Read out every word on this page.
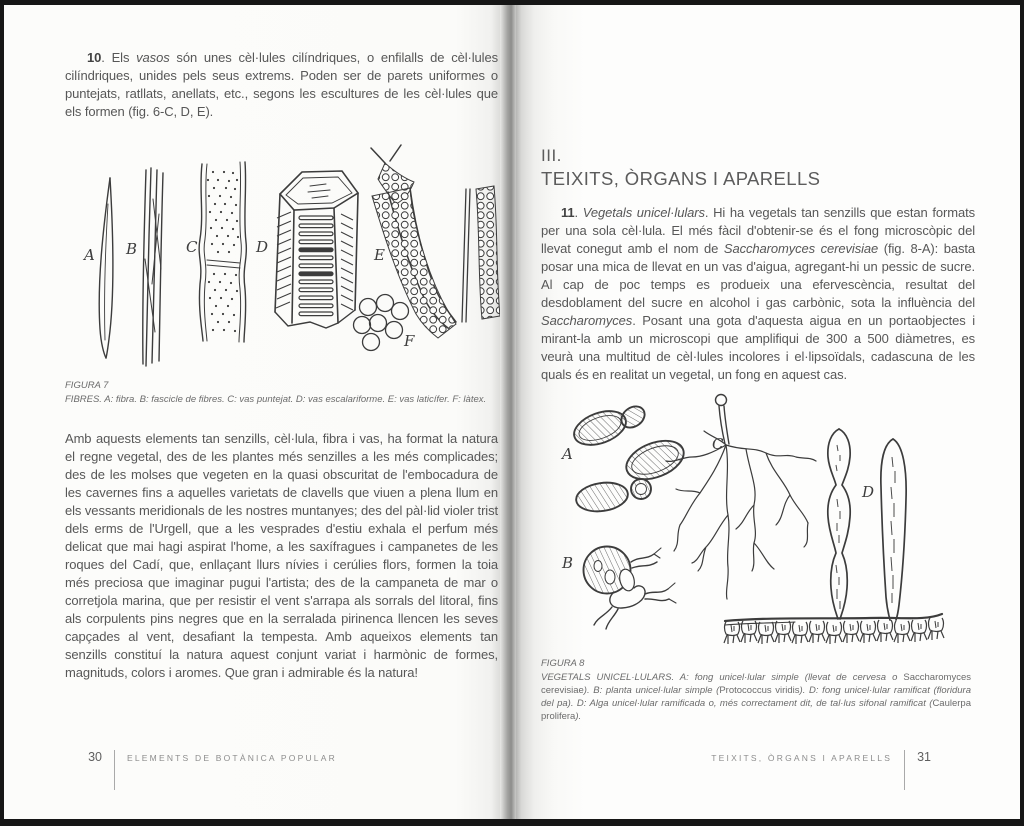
10. Els vasos són unes cèl·lules cilíndriques, o enfilalls de cèl·lules cilíndriques, unides pels seus extrems. Poden ser de parets uniformes o puntejats, ratllats, anellats, etc., segons les escultures de les cèl·lules que els formen (fig. 6-C, D, E).

A B	C	D	E
F
FIGURA 7
FIBRES. A: fibra. B: fascicle de fibres. C: vas puntejat. D: vas escalariforme. E: vas laticífer. F: làtex.

Amb aquests elements tan senzills, cèl·lula, fibra i vas, ha format la natura el regne vegetal, des de les plantes més senzilles a les més complicades; des de les molses que vegeten en la quasi obscuritat de l'embocadura de les cavernes fins a aquelles varietats de clavells que viuen a plena llum en els vessants meridionals de les nostres muntanyes; des del pàl·lid violer trist dels erms de l'Urgell, que a les vesprades d'estiu exhala el perfum més delicat que mai hagi aspirat l'home, a les saxífragues i campanetes de les roques del Cadí, que, enllaçant llurs nívies i cerúlies flors, formen la toia més preciosa que imaginar pugui l'artista; des de la campaneta de mar o corretjola marina, que per resistir el vent s'arrapa als sorrals del litoral, fins als corpulents pins negres que en la serralada pirinenca llencen les seves capçades al vent, desafiant la tempesta. Amb aqueixos elements tan senzills constituí la natura aquest conjunt variat i harmònic de formes, magnituds, colors i aromes. Que gran i admirable és la natura!

30	ELEMENTS DE BOTÀNICA POPULAR
III.
TEIXITS, ÒRGANS I APARELLS

11. Vegetals unicel·lulars. Hi ha vegetals tan senzills que estan formats per una sola cèl·lula. El més fàcil d'obtenir-se és el fong microscòpic del llevat conegut amb el nom de Saccharomyces cerevisiae (fig. 8-A): basta posar una mica de llevat en un vas d'aigua, agregant-hi un pessic de sucre. Al cap de poc temps es produeix una efervescència, resultat del desdoblament del sucre en alcohol i gas carbònic, sota la influència del Saccharomyces. Posant una gota d'aquesta aigua en un portaobjectes i mirant-la amb un microscopi que amplifiqui de 300 a 500 diàmetres, es veurà una multitud de cèl·lules incolores i el·lipsoïdals, cadascuna de les quals és en realitat un vegetal, un fong en aquest cas.

A
B
C
D
FIGURA 8
VEGETALS UNICEL·LULARS. A: fong unicel·lular simple (llevat de cervesa o Saccharomyces cerevisiae). B: planta unicel·lular simple (Protococcus viridis). D: fong unicel·lular ramificat (floridura del pa). D: Alga unicel·lular ramificada o, més correctament dit, de tal·lus sifonal ramificat (Caulerpa prolifera).
TEIXITS, ÒRGANS I APARELLS 31
